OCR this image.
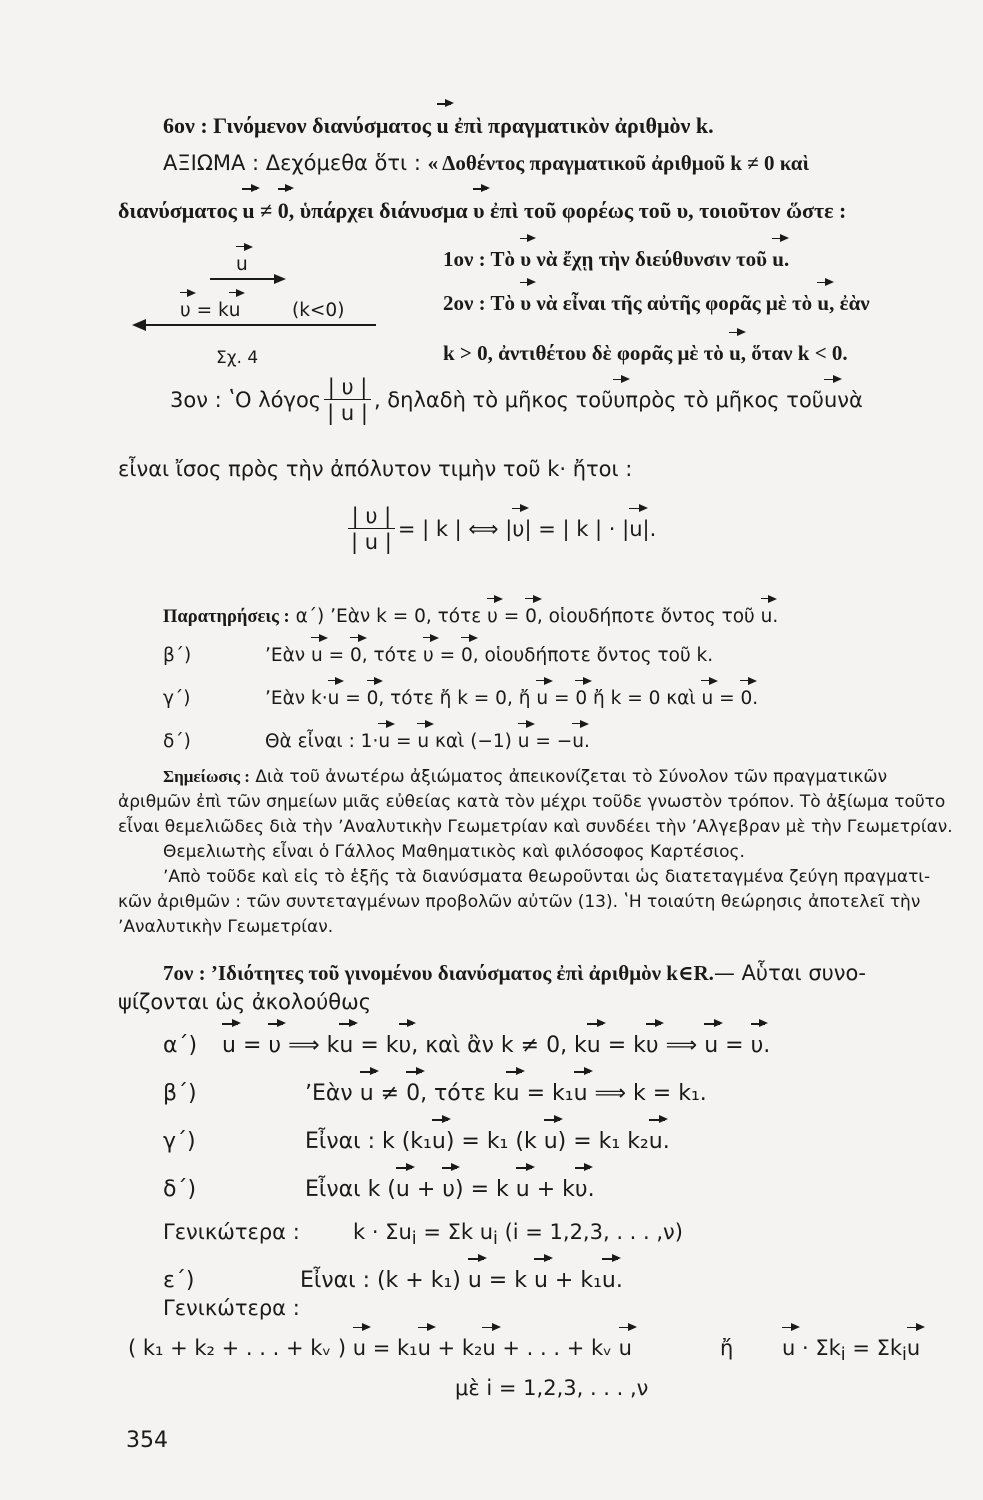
6ον : Γινόμενον διανύσματος u ἐπὶ πραγματικὸν ἀριθμὸν k.
ΑΞΙΩΜΑ : Δεχόμεθα ὅτι : « Δοθέντος πραγματικοῦ ἀριθμοῦ k ≠ 0 καὶ
διανύσματος u ≠ 0, ὑπάρχει διάνυσμα υ ἐπὶ τοῦ φορέως τοῦ υ, τοιοῦτον ὥστε :
u
υ = ku	(k<0)
Σχ. 4
1ον : Τὸ υ νὰ ἔχῃ τὴν διεύθυνσιν τοῦ u.
2ον : Τὸ υ νὰ εἶναι τῆς αὐτῆς φορᾶς μὲ τὸ u, ἐὰν
k > 0, ἀντιθέτου δὲ φορᾶς μὲ τὸ u, ὅταν k < 0.
3ον : ʽΟ λόγος $\frac{| \upsilon |}{| u |}$ , δηλαδὴ τὸ μῆκος τοῦ υ πρὸς τὸ μῆκος τοῦ u νὰ
εἶναι ἴσος πρὸς τὴν ἀπόλυτον τιμὴν τοῦ k· ἤτοι :
$\frac{| \upsilon |}{| u |}$ = | k | ⟺ | υ | = | k | · | u |.
Παρατηρήσεις : α΄) ʼΕὰν k = 0, τότε υ = 0, οἱουδήποτε ὄντος τοῦ u.
β΄)	ʼΕὰν u = 0, τότε υ = 0, οἱουδήποτε ὄντος τοῦ k.
γ΄)	ʼΕὰν k·u = 0, τότε ἤ k = 0, ἤ u = 0 ἤ k = 0 καὶ u = 0.
δ΄)	Θὰ εἶναι : 1·u = u καὶ (−1) u = −u.
Σημείωσις : Διὰ τοῦ ἀνωτέρω ἀξιώματος ἀπεικονίζεται τὸ Σύνολον τῶν πραγματικῶν
ἀριθμῶν ἐπὶ τῶν σημείων μιᾶς εὐθείας κατὰ τὸν μέχρι τοῦδε γνωστὸν τρόπον. Τὸ ἀξίωμα τοῦτο
εἶναι θεμελιῶδες διὰ τὴν ʼΑναλυτικὴν Γεωμετρίαν καὶ συνδέει τὴν ʼΑλγεβραν μὲ τὴν Γεωμετρίαν.
Θεμελιωτὴς εἶναι ὁ Γάλλος Μαθηματικὸς καὶ φιλόσοφος Καρτέσιος.
ʼΑπὸ τοῦδε καὶ εἰς τὸ ἑξῆς τὰ διανύσματα θεωροῦνται ὡς διατεταγμένα ζεύγη πραγματι-
κῶν ἀριθμῶν : τῶν συντεταγμένων προβολῶν αὐτῶν (13). ʽΗ τοιαύτη θεώρησις ἀποτελεῖ τὴν
ʼΑναλυτικὴν Γεωμετρίαν.
7ον : ʼΙδιότητες τοῦ γινομένου διανύσματος ἐπὶ ἀριθμὸν k∈R.— Αὗται συνο-
ψίζονται ὡς ἀκολούθως
α΄) u = υ ⟹ ku = kυ, καὶ ἂν k ≠ 0, ku = kυ ⟹ u = υ.
β΄)	ʼΕὰν u ≠ 0, τότε ku = k₁u ⟹ k = k₁.
γ΄)	Εἶναι : k (k₁u) = k₁ (k u) = k₁ k₂u.
δ΄)	Εἶναι k (u + υ) = k u + kυ.
Γενικώτερα :	$k \cdot \Sigma u_i = \Sigma k$ $u_i$ (i = 1,2,3, . . . ,ν)
ε΄)	Εἶναι : (k + k₁) u = k u + k₁u.
Γενικώτερα :
( k₁ + k₂ + . . . + kᵥ ) u = k₁u + k₂u + . . . + kᵥ u	ἤ $u \cdot \Sigma k_i = \Sigma k_iu$
μὲ i = 1,2,3, . . . ,ν
354
